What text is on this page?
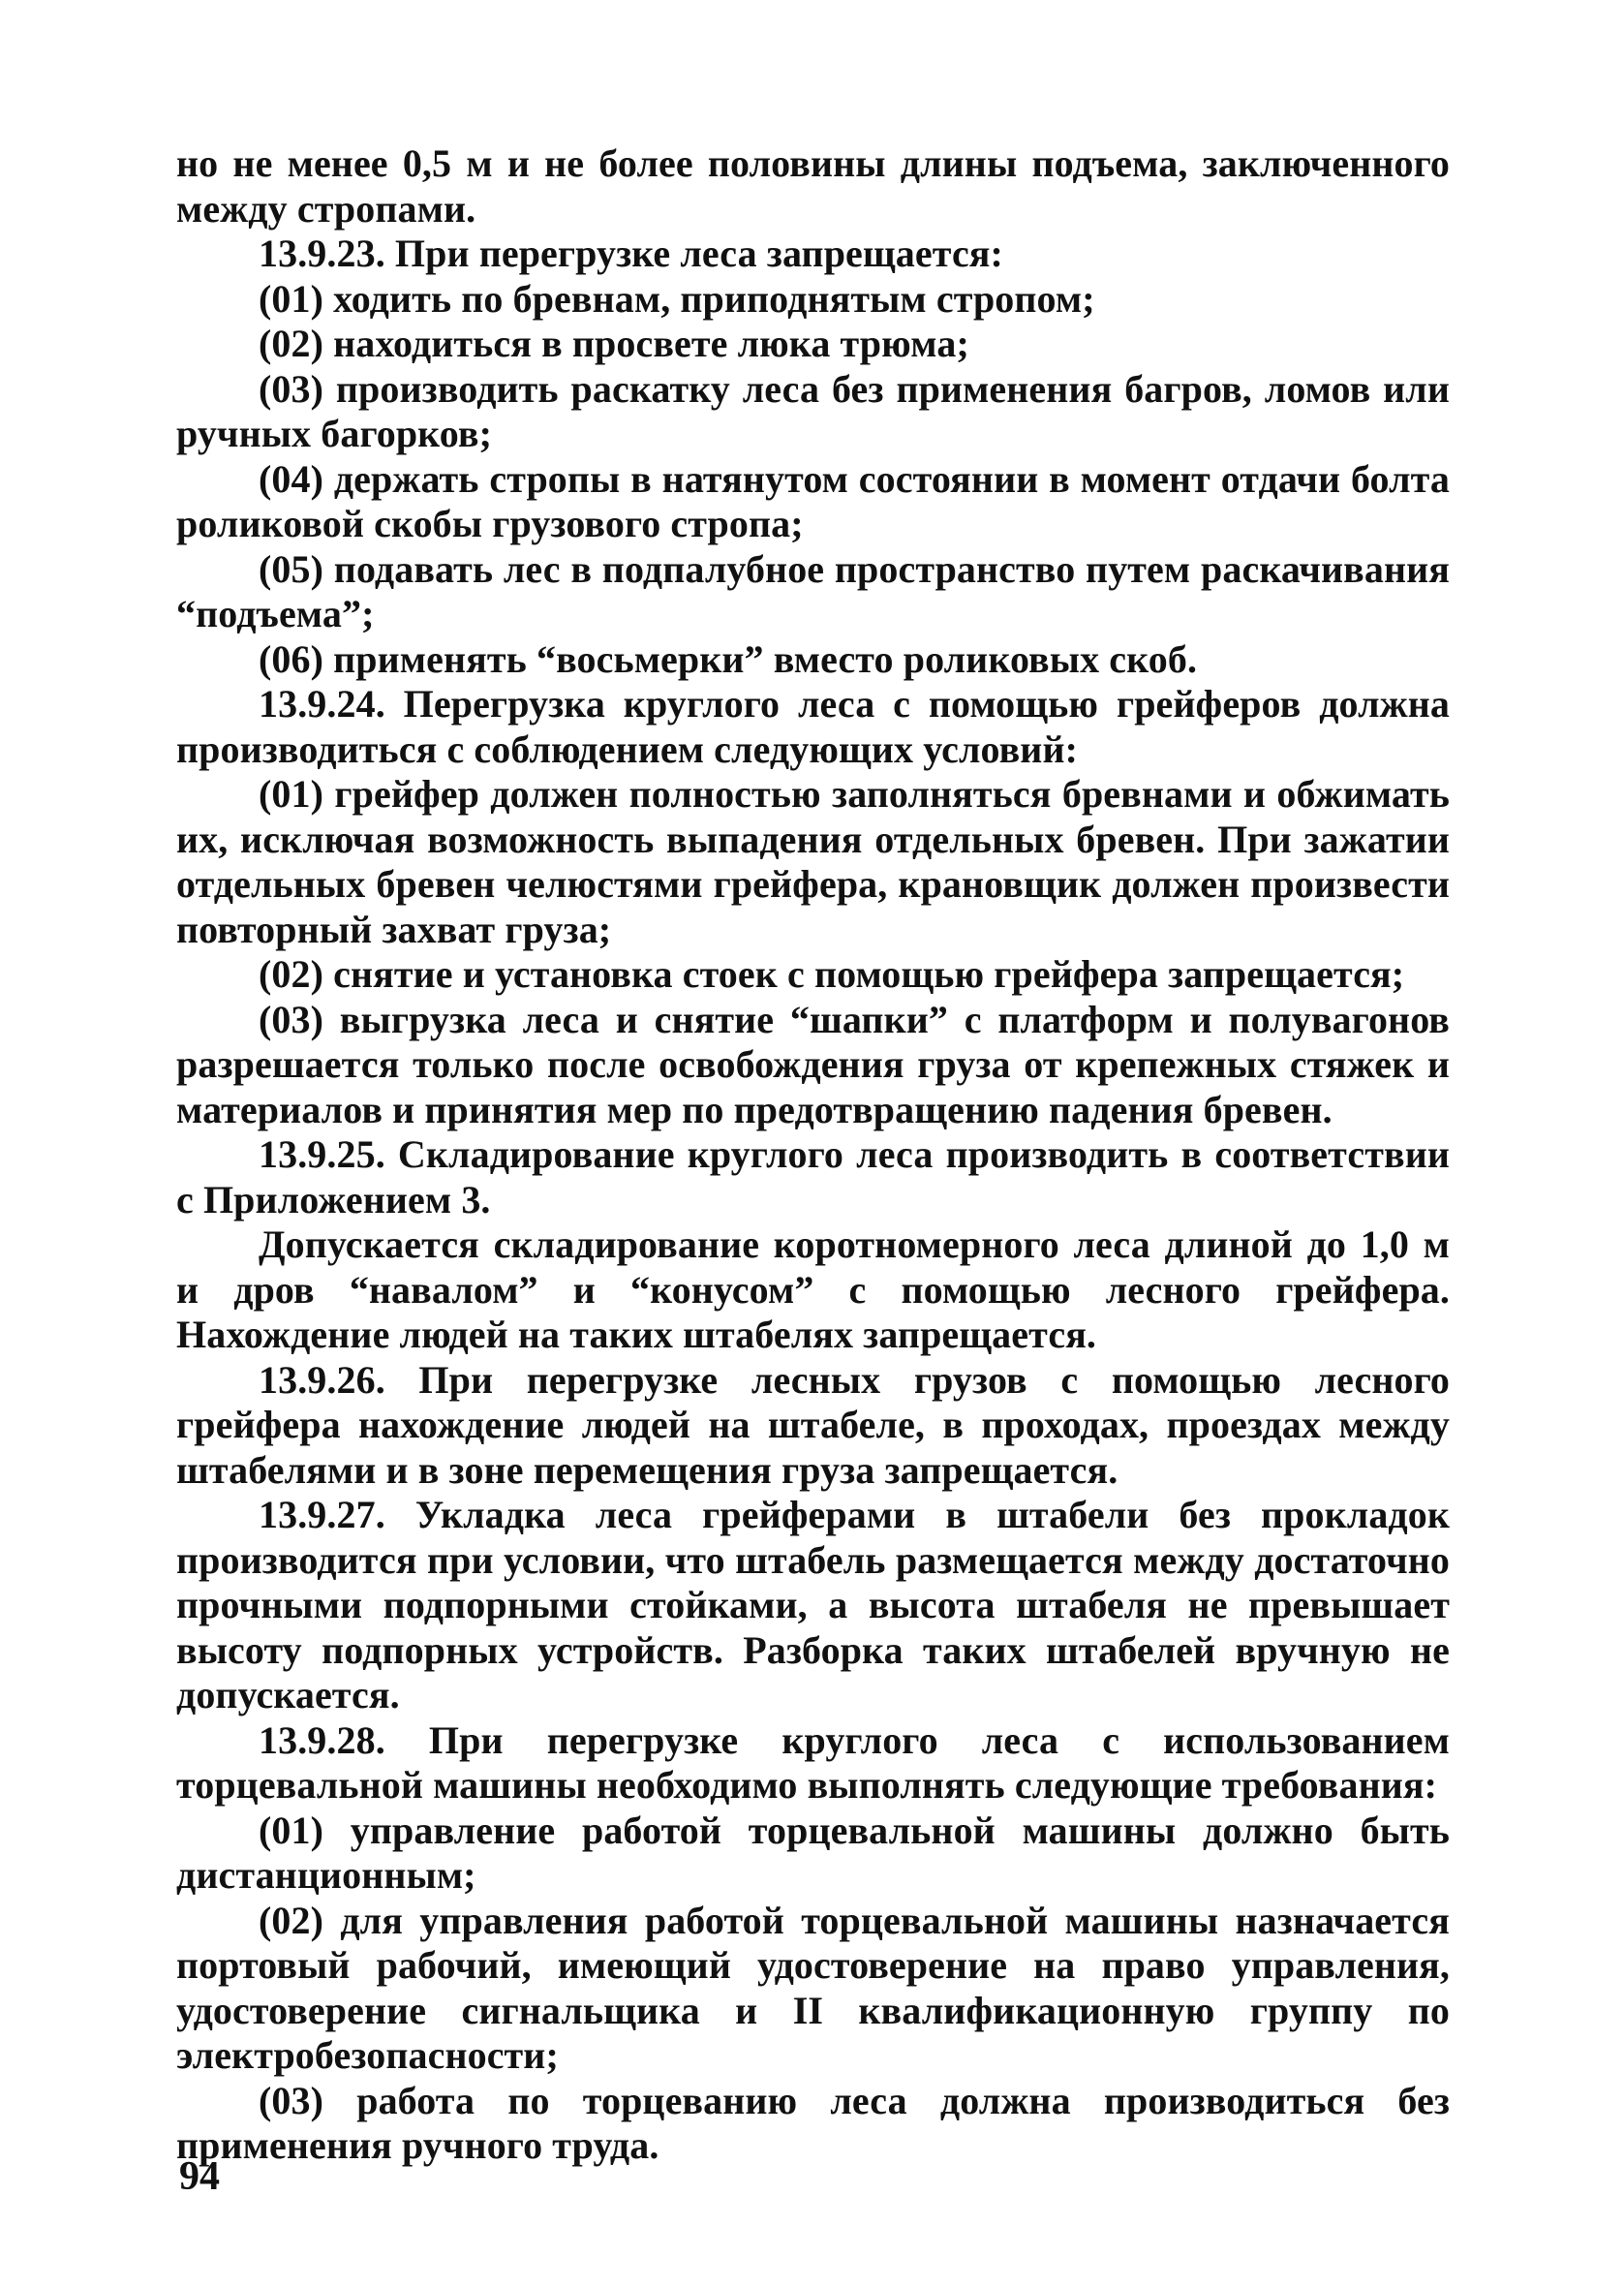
но не менее 0,5 м и не более половины длины подъема, заключенного между стропами.

13.9.23. При перегрузке леса запрещается:

(01) ходить по бревнам, приподнятым стропом;

(02) находиться в просвете люка трюма;

(03) производить раскатку леса без применения багров, ломов или ручных багорков;

(04) держать стропы в натянутом состоянии в момент отдачи болта роликовой скобы грузового стропа;

(05) подавать лес в подпалубное пространство путем раскачивания “подъема”;

(06) применять “восьмерки” вместо роликовых скоб.

13.9.24. Перегрузка круглого леса с помощью грейферов должна производиться с соблюдением следующих условий:

(01) грейфер должен полностью заполняться бревнами и обжимать их, исключая возможность выпадения отдельных бревен. При зажатии отдельных бревен челюстями грейфера, крановщик должен произвести повторный захват груза;

(02) снятие и установка стоек с помощью грейфера запрещается;

(03) выгрузка леса и снятие “шапки” с платформ и полувагонов разрешается только после освобождения груза от крепежных стяжек и материалов и принятия мер по предотвращению падения бревен.

13.9.25. Складирование круглого леса производить в соответствии с Приложением 3.

Допускается складирование коротномерного леса длиной до 1,0 м и дров “навалом” и “конусом” с помощью лесного грейфера. Нахождение людей на таких штабелях запрещается.

13.9.26. При перегрузке лесных грузов с помощью лесного грейфера нахождение людей на штабеле, в проходах, проездах между штабелями и в зоне перемещения груза запрещается.

13.9.27. Укладка леса грейферами в штабели без прокладок производится при условии, что штабель размещается между достаточно прочными подпорными стойками, а высота штабеля не превышает высоту подпорных устройств. Разборка таких штабелей вручную не допускается.

13.9.28. При перегрузке круглого леса с использованием торцевальной машины необходимо выполнять следующие требования:

(01) управление работой торцевальной машины должно быть дистанционным;

(02) для управления работой торцевальной машины назначается портовый рабочий, имеющий удостоверение на право управления, удостоверение сигнальщика и II квалификационную группу по электробезопасности;

(03) работа по торцеванию леса должна производиться без применения ручного труда.

94
